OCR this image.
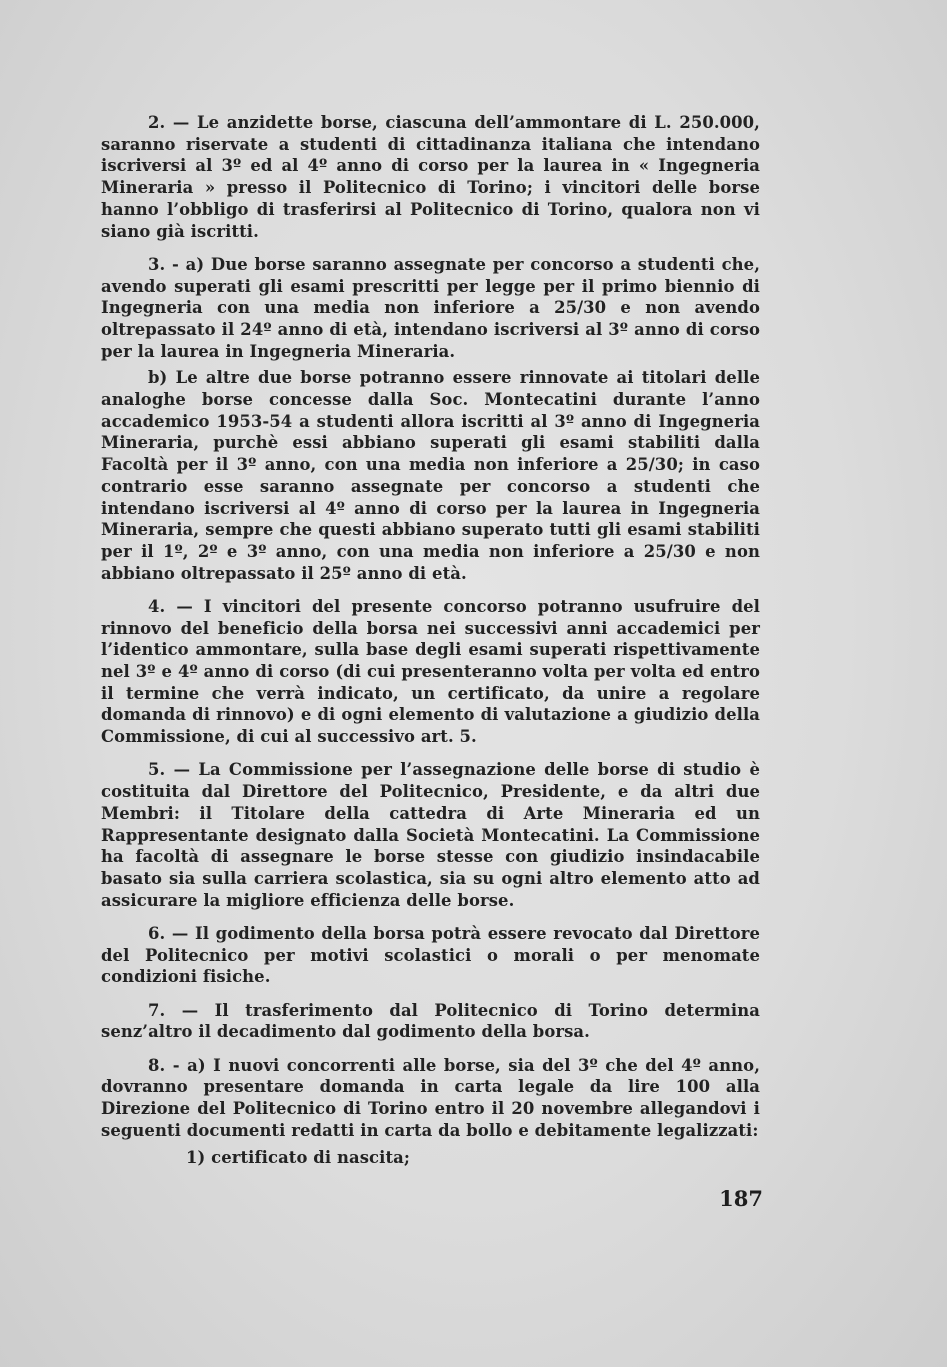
2. — Le anzidette borse, ciascuna dell’ammontare di L. 250.000, saranno riservate a studenti di cittadinanza italiana che intendano iscriversi al 3º ed al 4º anno di corso per la laurea in « Ingegneria Mineraria » presso il Politecnico di Torino; i vincitori delle borse hanno l’obbligo di trasferirsi al Politecnico di Torino, qualora non vi siano già iscritti.

3. - a) Due borse saranno assegnate per concorso a studenti che, avendo superati gli esami prescritti per legge per il primo biennio di Ingegneria con una media non inferiore a 25/30 e non avendo oltrepassato il 24º anno di età, intendano iscriversi al 3º anno di corso per la laurea in Ingegneria Mineraria.

b) Le altre due borse potranno essere rinnovate ai titolari delle analoghe borse concesse dalla Soc. Montecatini durante l’anno accademico 1953-54 a studenti allora iscritti al 3º anno di Ingegneria Mineraria, purchè essi abbiano superati gli esami stabiliti dalla Facoltà per il 3º anno, con una media non inferiore a 25/30; in caso contrario esse saranno assegnate per concorso a studenti che intendano iscriversi al 4º anno di corso per la laurea in Ingegneria Mineraria, sempre che questi abbiano superato tutti gli esami stabiliti per il 1º, 2º e 3º anno, con una media non inferiore a 25/30 e non abbiano oltrepassato il 25º anno di età.

4. — I vincitori del presente concorso potranno usufruire del rinnovo del beneficio della borsa nei successivi anni accademici per l’identico ammontare, sulla base degli esami superati rispettivamente nel 3º e 4º anno di corso (di cui presenteranno volta per volta ed entro il termine che verrà indicato, un certificato, da unire a regolare domanda di rinnovo) e di ogni elemento di valutazione a giudizio della Commissione, di cui al successivo art. 5.

5. — La Commissione per l’assegnazione delle borse di studio è costituita dal Direttore del Politecnico, Presidente, e da altri due Membri: il Titolare della cattedra di Arte Mineraria ed un Rappresentante designato dalla Società Montecatini. La Commissione ha facoltà di assegnare le borse stesse con giudizio insindacabile basato sia sulla carriera scolastica, sia su ogni altro elemento atto ad assicurare la migliore efficienza delle borse.

6. — Il godimento della borsa potrà essere revocato dal Direttore del Politecnico per motivi scolastici o morali o per menomate condizioni fisiche.

7. — Il trasferimento dal Politecnico di Torino determina senz’altro il decadimento dal godimento della borsa.

8. - a) I nuovi concorrenti alle borse, sia del 3º che del 4º anno, dovranno presentare domanda in carta legale da lire 100 alla Direzione del Politecnico di Torino entro il 20 novembre allegandovi i seguenti documenti redatti in carta da bollo e debitamente legalizzati:

1) certificato di nascita;

187
